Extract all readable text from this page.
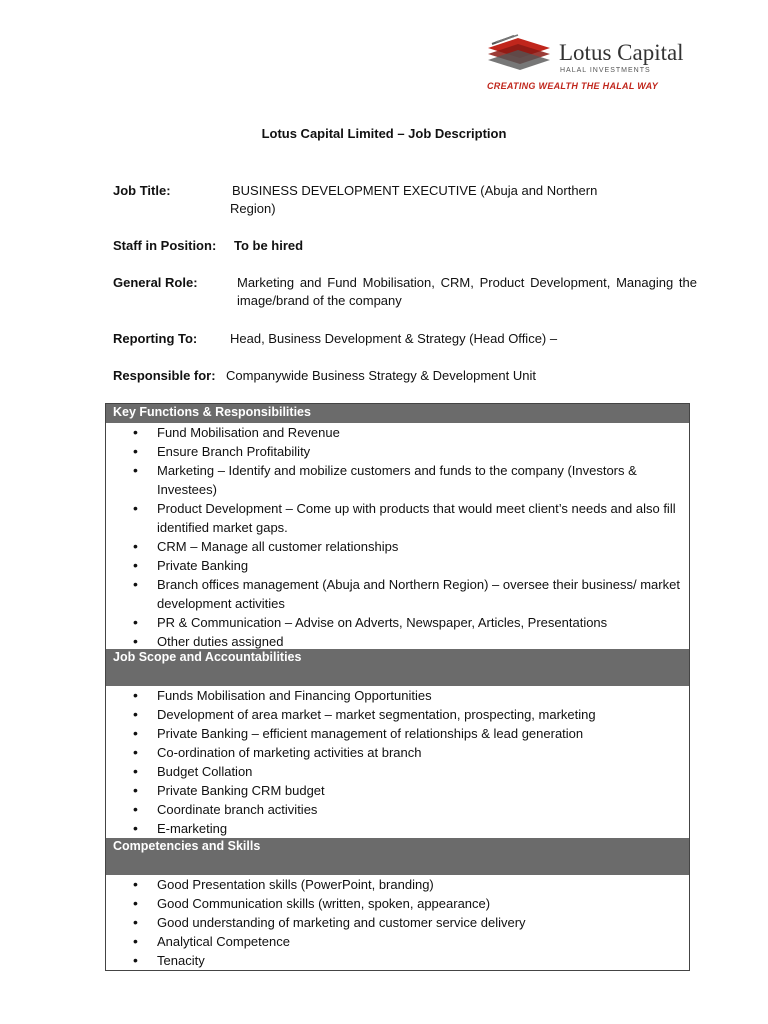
Lotus Capital
HALAL INVESTMENTS
CREATING WEALTH THE HALAL WAY
Lotus Capital Limited – Job Description
Job Title:	BUSINESS DEVELOPMENT EXECUTIVE (Abuja and Northern Region)
Staff in Position: To be hired
General Role:	Marketing and Fund Mobilisation, CRM, Product Development, Managing the image/brand of the company
Reporting To:	Head, Business Development & Strategy (Head Office) –
Responsible for: Companywide Business Strategy & Development Unit
Key Functions & Responsibilities
• Fund Mobilisation and Revenue
• Ensure Branch Profitability
• Marketing – Identify and mobilize customers and funds to the company (Investors & Investees)
• Product Development – Come up with products that would meet client’s needs and also fill identified market gaps.
• CRM – Manage all customer relationships
• Private Banking
• Branch offices management (Abuja and Northern Region) – oversee their business/ market development activities
• PR & Communication – Advise on Adverts, Newspaper, Articles, Presentations
• Other duties assigned
Job Scope and Accountabilities
• Funds Mobilisation and Financing Opportunities
• Development of area market – market segmentation, prospecting, marketing
• Private Banking – efficient management of relationships & lead generation
• Co-ordination of marketing activities at branch
• Budget Collation
• Private Banking CRM budget
• Coordinate branch activities
• E-marketing
Competencies and Skills
• Good Presentation skills (PowerPoint, branding)
• Good Communication skills (written, spoken, appearance)
• Good understanding of marketing and customer service delivery
• Analytical Competence
• Tenacity
